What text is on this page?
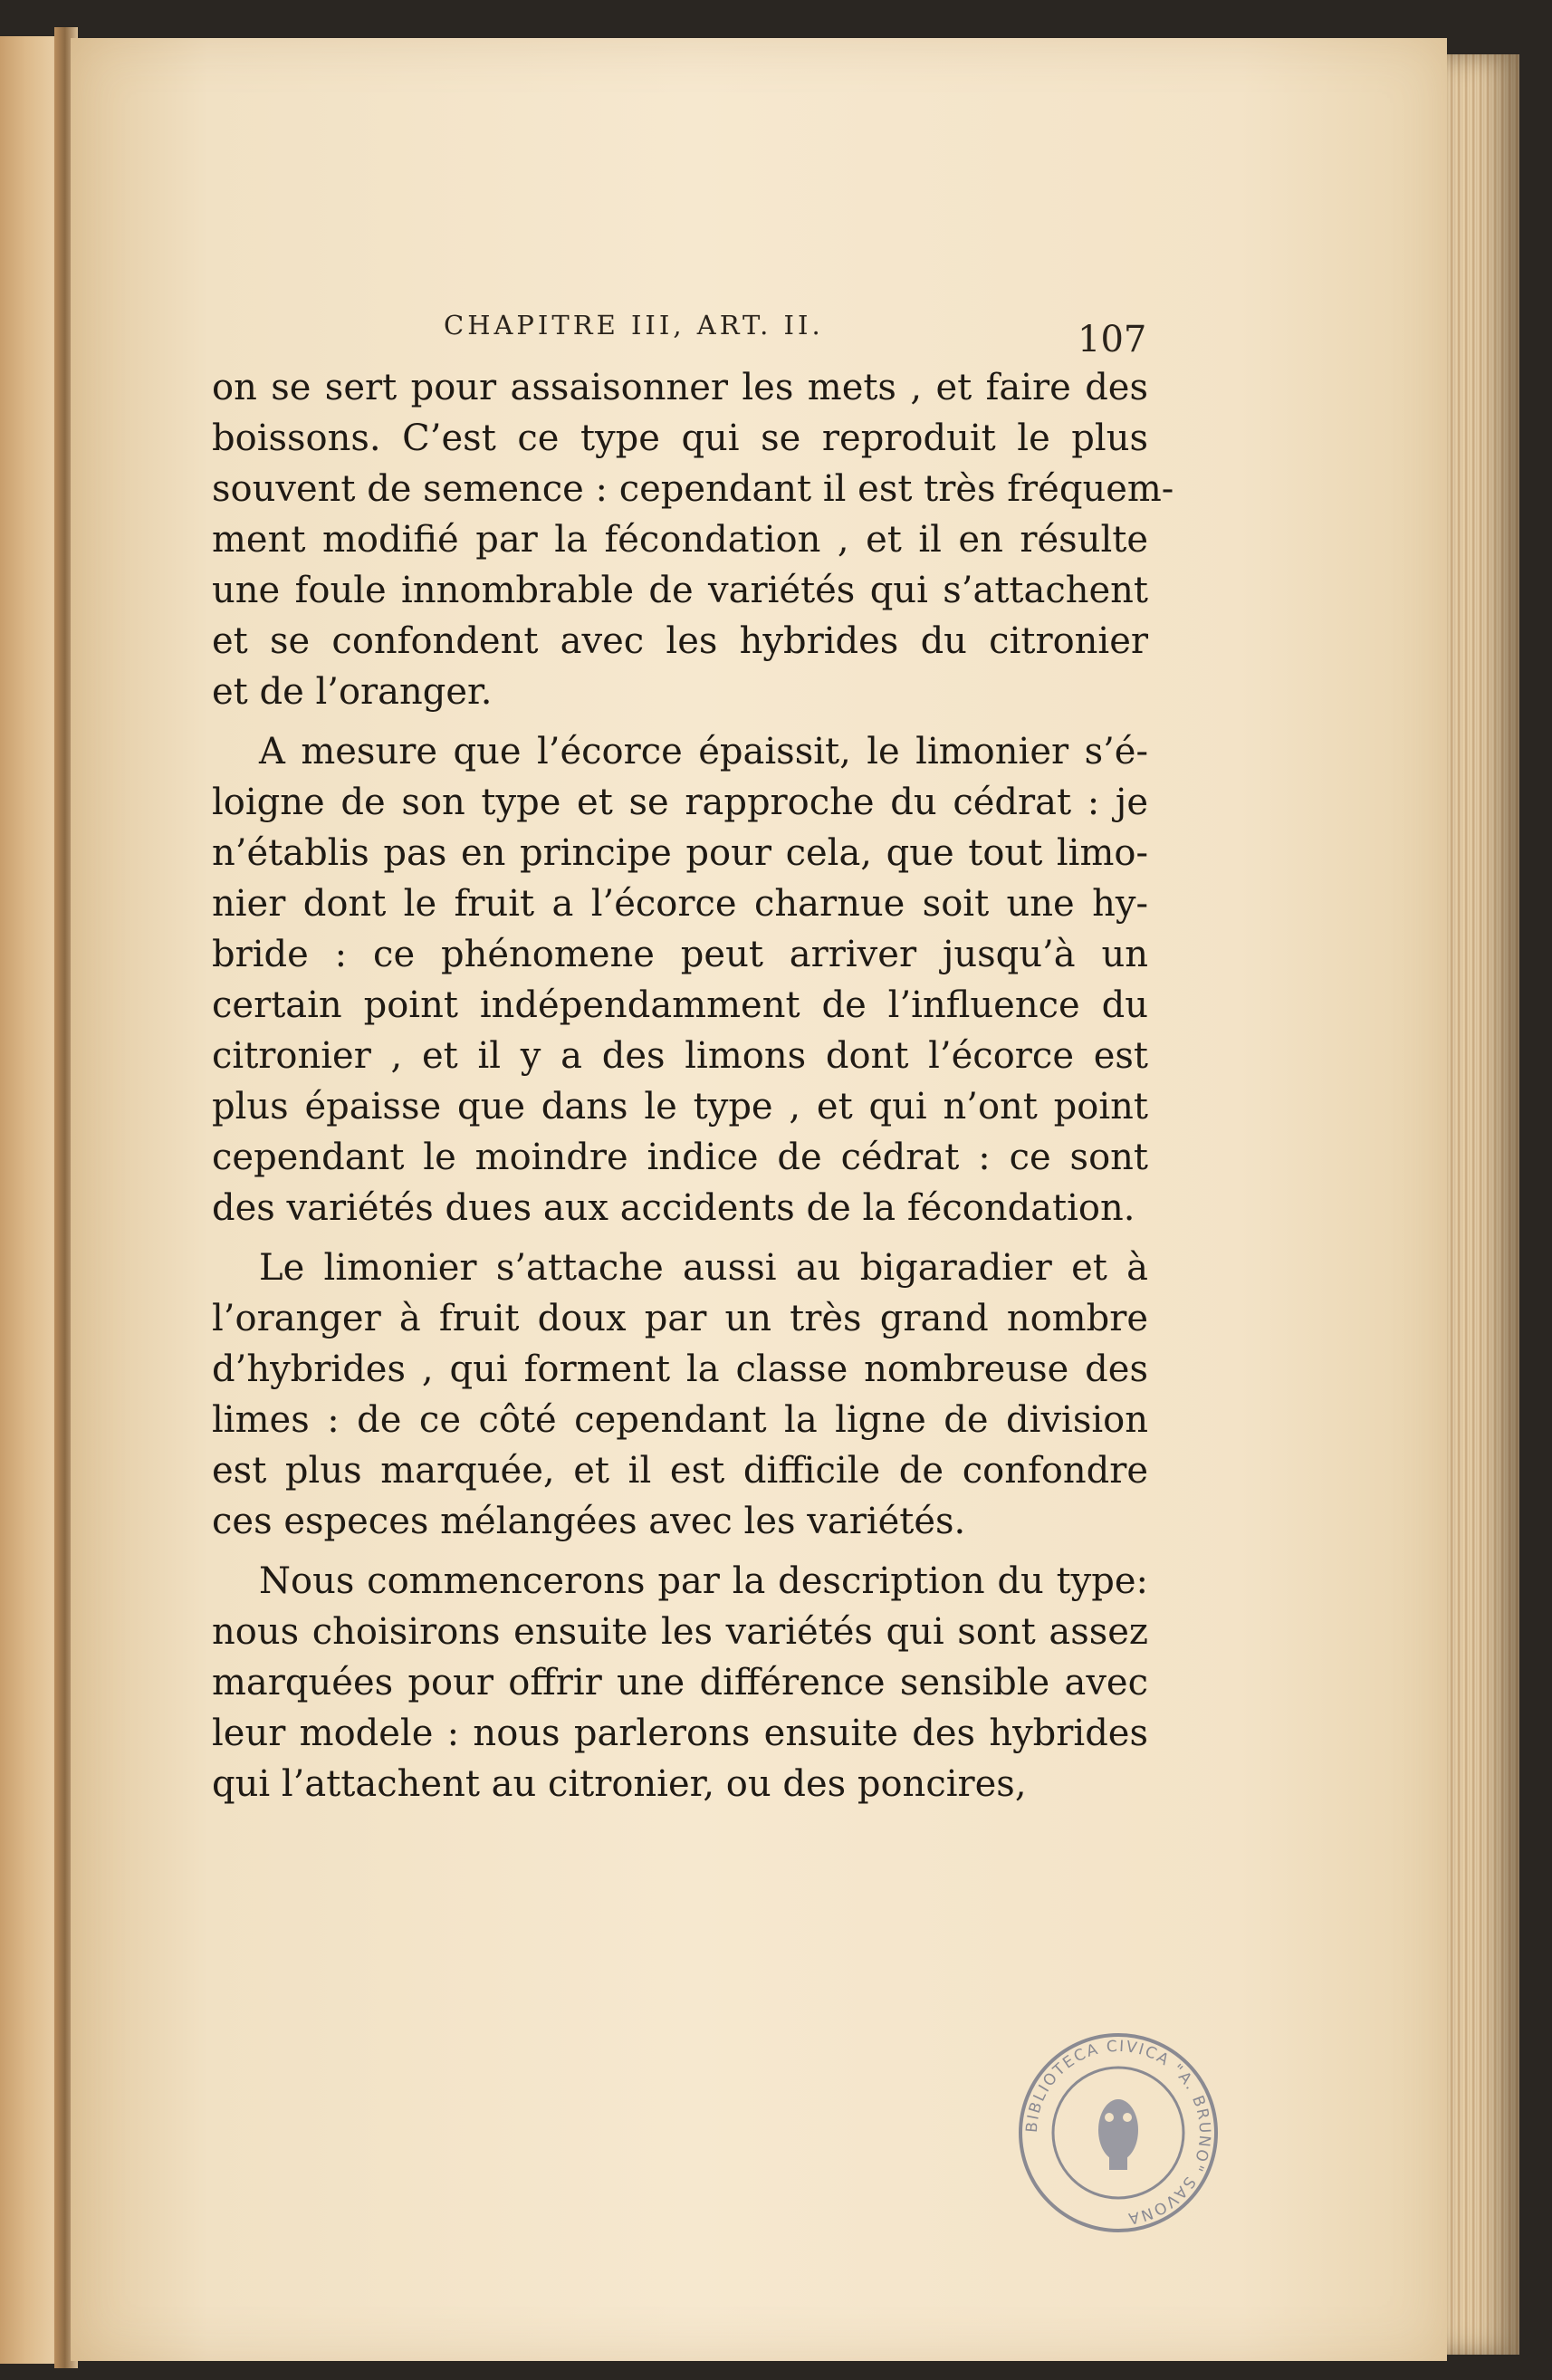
CHAPITRE III, ART. II.	107

on se sert pour assaisonner les mets , et faire des
boissons. C’est ce type qui se reproduit le plus
souvent de semence : cependant il est très fréquem-
ment modifié par la fécondation , et il en résulte
une foule innombrable de variétés qui s’attachent
et se confondent avec les hybrides du citronier
et de l’oranger.

A mesure que l’écorce épaissit, le limonier s’é-
loigne de son type et se rapproche du cédrat : je
n’établis pas en principe pour cela, que tout limo-
nier dont le fruit a l’écorce charnue soit une hy-
bride : ce phénomene peut arriver jusqu’à un
certain point indépendamment de l’influence du
citronier , et il y a des limons dont l’écorce est
plus épaisse que dans le type , et qui n’ont point
cependant le moindre indice de cédrat : ce sont
des variétés dues aux accidents de la fécondation.

Le limonier s’attache aussi au bigaradier et à
l’oranger à fruit doux par un très grand nombre
d’hybrides , qui forment la classe nombreuse des
limes : de ce côté cependant la ligne de division
est plus marquée, et il est difficile de confondre
ces especes mélangées avec les variétés.

Nous commencerons par la description du type:
nous choisirons ensuite les variétés qui sont assez
marquées pour offrir une différence sensible avec
leur modele : nous parlerons ensuite des hybrides
qui l’attachent au citronier, ou des poncires,

BIBLIOTECA CIVICA "A. BRUNO" SAVONA
